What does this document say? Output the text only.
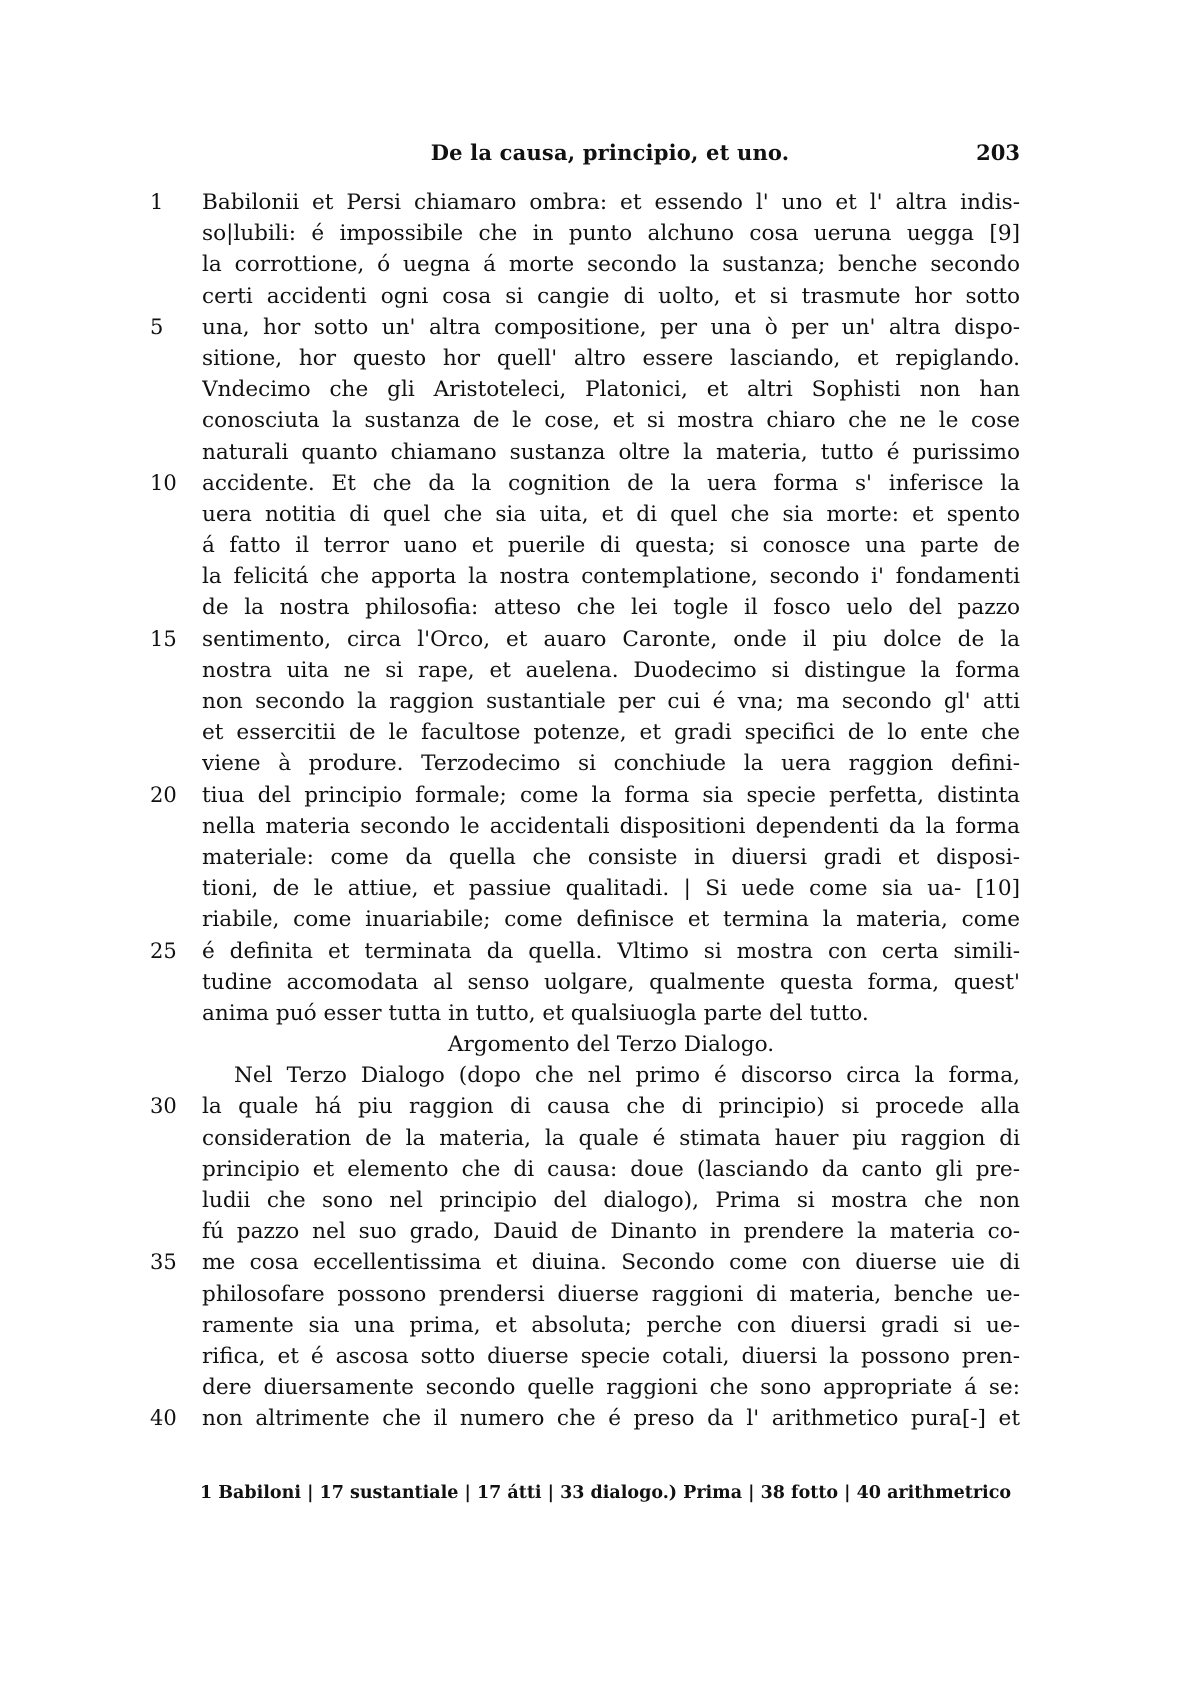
De la causa, principio, et uno.	203
1	Babilonii et Persi chiamaro ombra: et essendo l' uno et l' altra indis-
so|lubili: é impossibile che in punto alchuno cosa ueruna uegga [9]
la corrottione, ó uegna á morte secondo la sustanza; benche secondo
certi accidenti ogni cosa si cangie di uolto, et si trasmute hor sotto
5	una, hor sotto un' altra compositione, per una ò per un' altra dispo-
sitione, hor questo hor quell' altro essere lasciando, et repiglando.
Vndecimo che gli Aristoteleci, Platonici, et altri Sophisti non han
conosciuta la sustanza de le cose, et si mostra chiaro che ne le cose
naturali quanto chiamano sustanza oltre la materia, tutto é purissimo
10	accidente. Et che da la cognition de la uera forma s' inferisce la
uera notitia di quel che sia uita, et di quel che sia morte: et spento
á fatto il terror uano et puerile di questa; si conosce una parte de
la felicitá che apporta la nostra contemplatione, secondo i' fondamenti
de la nostra philosofia: atteso che lei togle il fosco uelo del pazzo
15	sentimento, circa l'Orco, et auaro Caronte, onde il piu dolce de la
nostra uita ne si rape, et auelena. Duodecimo si distingue la forma
non secondo la raggion sustantiale per cui é vna; ma secondo gl' atti
et essercitii de le facultose potenze, et gradi specifici de lo ente che
viene à produre. Terzodecimo si conchiude la uera raggion defini-
20	tiua del principio formale; come la forma sia specie perfetta, distinta
nella materia secondo le accidentali dispositioni dependenti da la forma
materiale: come da quella che consiste in diuersi gradi et disposi-
tioni, de le attiue, et passiue qualitadi. | Si uede come sia ua- [10]
riabile, come inuariabile; come definisce et termina la materia, come
25	é definita et terminata da quella. Vltimo si mostra con certa simili-
tudine accomodata al senso uolgare, qualmente questa forma, quest'
anima puó esser tutta in tutto, et qualsiuogla parte del tutto.
Argomento del Terzo Dialogo.
Nel Terzo Dialogo (dopo che nel primo é discorso circa la forma,
30	la quale há piu raggion di causa che di principio) si procede alla
consideration de la materia, la quale é stimata hauer piu raggion di
principio et elemento che di causa: doue (lasciando da canto gli pre-
ludii che sono nel principio del dialogo), Prima si mostra che non
fú pazzo nel suo grado, Dauid de Dinanto in prendere la materia co-
35	me cosa eccellentissima et diuina. Secondo come con diuerse uie di
philosofare possono prendersi diuerse raggioni di materia, benche ue-
ramente sia una prima, et absoluta; perche con diuersi gradi si ue-
rifica, et é ascosa sotto diuerse specie cotali, diuersi la possono pren-
dere diuersamente secondo quelle raggioni che sono appropriate á se:
40	non altrimente che il numero che é preso da l' arithmetico pura[-] et
1 Babiloni | 17 sustantiale | 17 átti | 33 dialogo.) Prima | 38 fotto | 40 arithmetrico
